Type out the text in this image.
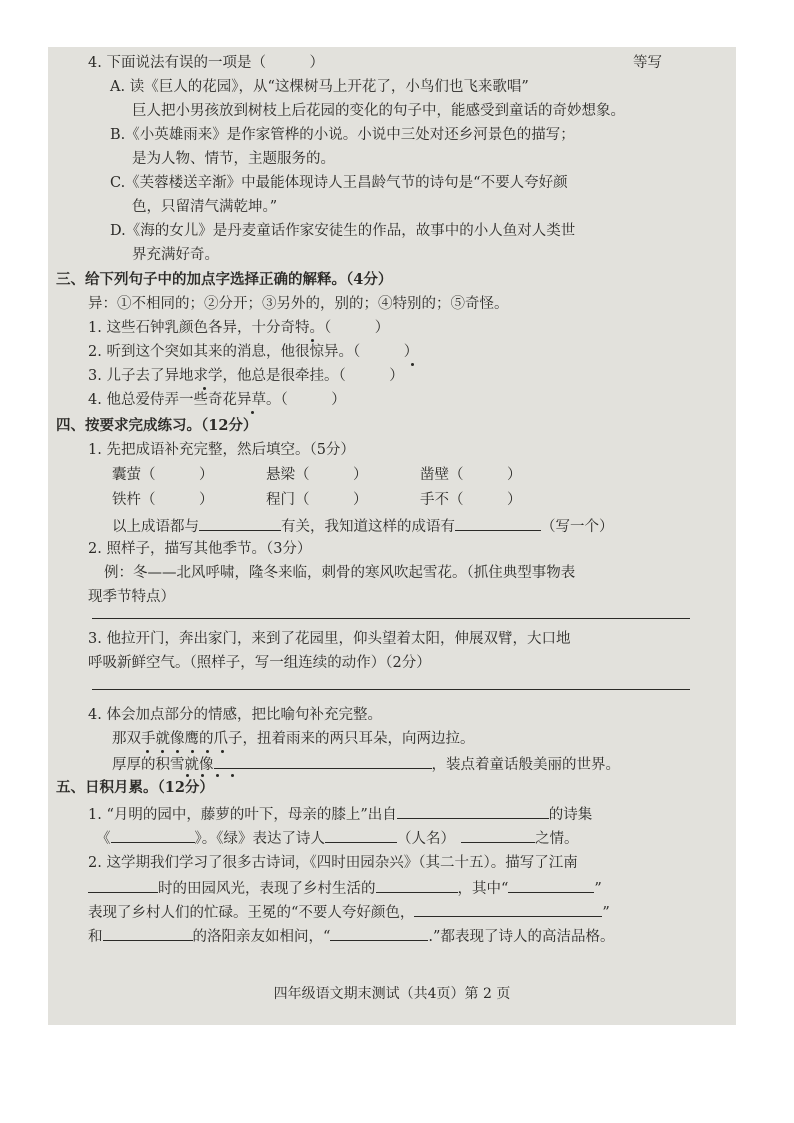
4. 下面说法有误的一项是（　　　）	等写
A. 读《巨人的花园》，从“这棵树马上开花了，小鸟们也飞来歌唱”
巨人把小男孩放到树枝上后花园的变化的句子中，能感受到童话的奇妙想象。
B.《小英雄雨来》是作家管桦的小说。小说中三处对还乡河景色的描写；
是为人物、情节，主题服务的。
C.《芙蓉楼送辛渐》中最能体现诗人王昌龄气节的诗句是“不要人夸好颜
色，只留清气满乾坤。”
D.《海的女儿》是丹麦童话作家安徒生的作品，故事中的小人鱼对人类世
界充满好奇。
三、给下列句子中的加点字选择正确的解释。（4分）
异：①不相同的；②分开；③另外的，别的；④特别的；⑤奇怪。
1. 这些石钟乳颜色各异，十分奇特。（　　　）
2. 听到这个突如其来的消息，他很惊异。（　　　）
3. 儿子去了异地求学，他总是很牵挂。（　　　）
4. 他总爱侍弄一些奇花异草。（　　　）
四、按要求完成练习。（12分）
1. 先把成语补充完整，然后填空。（5分）
囊萤（　　　）	悬梁（　　　）	凿壁（　　　）
铁杵（　　　）	程门（　　　）	手不（　　　）
以上成语都与	有关，我知道这样的成语有	（写一个）
2. 照样子，描写其他季节。（3分）
例：冬——北风呼啸，隆冬来临，刺骨的寒风吹起雪花。（抓住典型事物表
现季节特点）
3. 他拉开门，奔出家门，来到了花园里，仰头望着太阳，伸展双臂，大口地
呼吸新鲜空气。（照样子，写一组连续的动作）（2分）
4. 体会加点部分的情感，把比喻句补充完整。
那双手就像鹰的爪子，扭着雨来的两只耳朵，向两边拉。
厚厚的积雪就像	，装点着童话般美丽的世界。
五、日积月累。（12分）
1. “月明的园中，藤萝的叶下，母亲的膝上”出自	的诗集
《	》。《绿》表达了诗人	（人名）	之情。
2. 这学期我们学习了很多古诗词，《四时田园杂兴》（其二十五）。描写了江南
时的田园风光，表现了乡村生活的	，其中“	”
表现了乡村人们的忙碌。王冕的“不要人夸好颜色，	”
和	的洛阳亲友如相问，“	.”都表现了诗人的高洁品格。
四年级语文期末测试（共4页）第 2 页
